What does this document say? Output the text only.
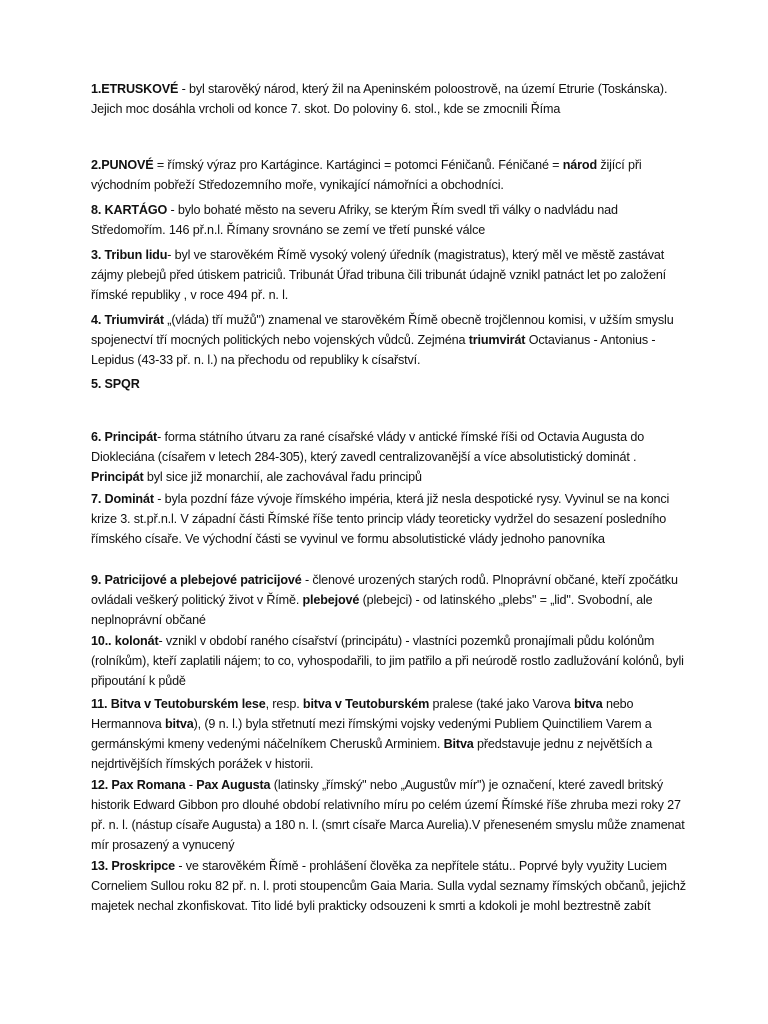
1.ETRUSKOVÉ - byl starověký národ, který žil na Apeninském poloostrově, na území Etrurie (Toskánska). Jejich moc dosáhla vrcholi od konce 7. skot. Do poloviny 6. stol., kde se zmocnili Říma

2.PUNOVÉ = římský výraz pro Kartágince. Kartáginci = potomci Féničanů. Féničané = národ žijící při východním pobřeží Středozemního moře, vynikající námořníci a obchodníci.

8. KARTÁGO - bylo bohaté město na severu Afriky, se kterým Řím svedl tři války o nadvládu nad Středomořím. 146 př.n.l. Římany srovnáno se zemí ve třetí punské válce

3. Tribun lidu- byl ve starověkém Římě vysoký volený úředník (magistratus), který měl ve městě zastávat zájmy plebejů před útiskem patriciů. Tribunát Úřad tribuna čili tribunát údajně vznikl patnáct let po založení římské republiky , v roce 494 př. n. l.

4. Triumvirát „(vláda) tří mužů") znamenal ve starověkém Římě obecně trojčlennou komisi, v užším smyslu spojenectví tří mocných politických nebo vojenských vůdců. Zejména triumvirát Octavianus - Antonius - Lepidus (43-33 př. n. l.) na přechodu od republiky k císařství.

5. SPQR

6. Principát- forma státního útvaru za rané císařské vlády v antické římské říši od Octavia Augusta do Diokleciána (císařem v letech 284-305), který zavedl centralizovanější a více absolutistický dominát . Principát byl sice již monarchií, ale zachovával řadu principů

7. Dominát - byla pozdní fáze vývoje římského impéria, která již nesla despotické rysy. Vyvinul se na konci krize 3. st.př.n.l. V západní části Římské říše tento princip vlády teoreticky vydržel do sesazení posledního římského císaře. Ve východní části se vyvinul ve formu absolutistické vlády jednoho panovníka

9. Patricijové a plebejové patricijové - členové urozených starých rodů. Plnoprávní občané, kteří zpočátku ovládali veškerý politický život v Římě. plebejové (plebejci) - od latinského „plebs" = „lid". Svobodní, ale neplnoprávní občané

10.. kolonát- vznikl v období raného císařství (principátu) - vlastníci pozemků pronajímali půdu kolónům (rolníkům), kteří zaplatili nájem; to co, vyhospodařili, to jim patřilo a při neúrodě rostlo zadlužování kolónů, byli připoutání k půdě

11. Bitva v Teutoburském lese, resp. bitva v Teutoburském pralese (také jako Varova bitva nebo Hermannova bitva), (9 n. l.) byla střetnutí mezi římskými vojsky vedenými Publiem Quinctiliem Varem a germánskými kmeny vedenými náčelníkem Cherusků Arminiem. Bitva představuje jednu z největších a nejdrtivějších římských porážek v historii.

12. Pax Romana - Pax Augusta (latinsky „římský" nebo „Augustův mír") je označení, které zavedl britský historik Edward Gibbon pro dlouhé období relativního míru po celém území Římské říše zhruba mezi roky 27 př. n. l. (nástup císaře Augusta) a 180 n. l. (smrt císaře Marca Aurelia).V přeneseném smyslu může znamenat mír prosazený a vynucený

13. Proskripce - ve starověkém Římě - prohlášení člověka za nepřítele státu.. Poprvé byly využity Luciem Corneliem Sullou roku 82 př. n. l. proti stoupencům Gaia Maria. Sulla vydal seznamy římských občanů, jejichž majetek nechal zkonfiskovat. Tito lidé byli prakticky odsouzeni k smrti a kdokoli je mohl beztrestně zabít
